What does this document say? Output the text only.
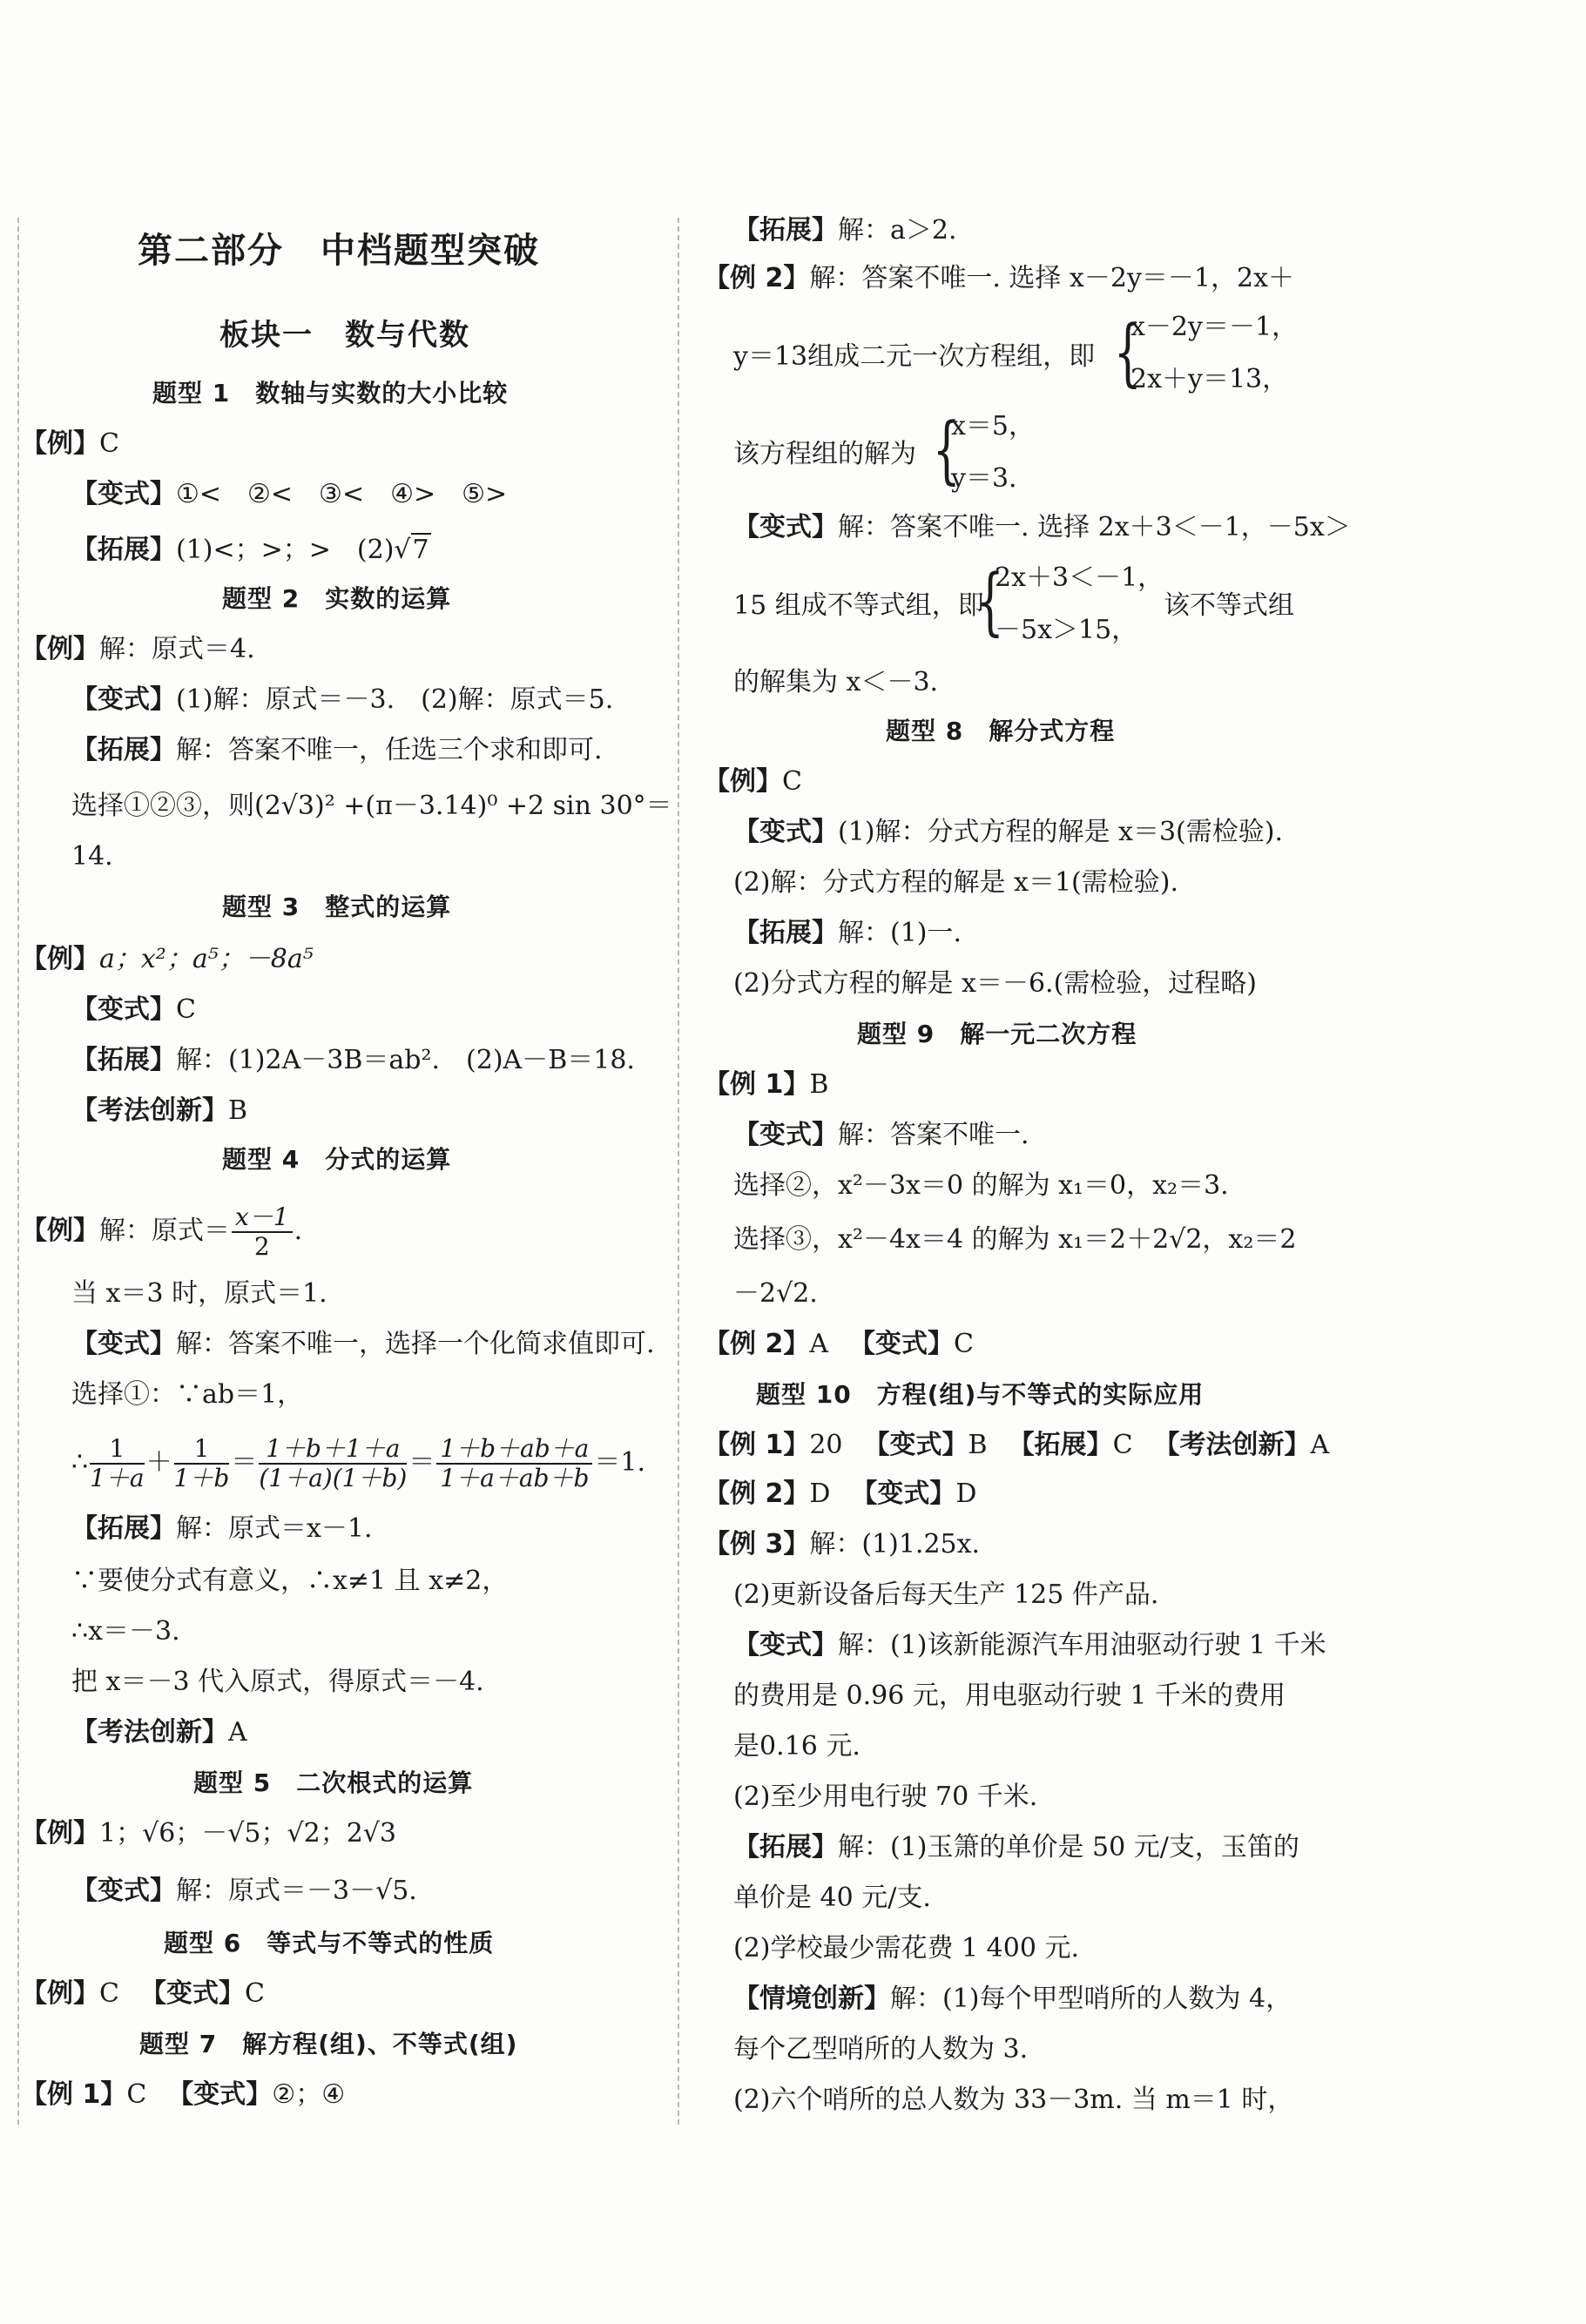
第二部分　中档题型突破
板块一　数与代数
题型 1　数轴与实数的大小比较
【例】C
【变式】①<　②<　③<　④>　⑤>
【拓展】(1)<；>；>　(2)√7
题型 2　实数的运算
【例】解：原式＝4.
【变式】(1)解：原式＝－3.　(2)解：原式＝5.
【拓展】解：答案不唯一，任选三个求和即可.
选择①②③，则(2√3)² +(π－3.14)⁰ +2 sin 30°＝
14.
题型 3　整式的运算
【例】a；x²；a⁵；－8a⁵
【变式】C
【拓展】解：(1)2A－3B＝ab².　(2)A－B＝18.
【考法创新】B
题型 4　分式的运算
【例】解：原式＝ $\frac{x-1}{2}$ .
当 x＝3 时，原式＝1.
【变式】解：答案不唯一，选择一个化简求值即可.
选择①：∵ab＝1，
∴ $\frac{1}{1+a} + \frac{1}{1+b} = \frac{1+b+1+a}{(1+a)(1+b)} = \frac{1+b+ab+a}{1+a+ab+b} =1$.
【拓展】解：原式＝x－1.
∵要使分式有意义，∴x≠1 且 x≠2，
∴x＝－3.
把 x＝－3 代入原式，得原式＝－4.
【考法创新】A
题型 5　二次根式的运算
【例】1；√6；－√5；√2；2√3
【变式】解：原式＝－3－√5.
题型 6　等式与不等式的性质
【例】C 【变式】C
题型 7　解方程(组)、不等式(组)
【例 1】C 【变式】②；④
【拓展】解：a＞2.
【例 2】解：答案不唯一. 选择 x－2y＝－1，2x＋
y＝13组成二元一次方程组，即 {
x－2y＝－1，
2x＋y＝13，
该方程组的解为 {
x＝5，
y＝3.
【变式】解：答案不唯一. 选择 2x＋3＜－1，－5x＞
15 组成不等式组，即
{
2x＋3＜－1，
－5x＞15，
该不等式组
的解集为 x＜－3.
题型 8　解分式方程
【例】C
【变式】(1)解：分式方程的解是 x＝3(需检验).
(2)解：分式方程的解是 x＝1(需检验).
【拓展】解：(1)一.
(2)分式方程的解是 x＝－6.(需检验，过程略)
题型 9　解一元二次方程
【例 1】B
【变式】解：答案不唯一.
选择②，x²－3x＝0 的解为 x₁＝0，x₂＝3.
选择③，x²－4x＝4 的解为 x₁＝2＋2√2，x₂＝2
－2√2.
【例 2】A 【变式】C
题型 10　方程(组)与不等式的实际应用
【例 1】20 【变式】B 【拓展】C 【考法创新】A
【例 2】D 【变式】D
【例 3】解：(1)1.25x.
(2)更新设备后每天生产 125 件产品.
【变式】解：(1)该新能源汽车用油驱动行驶 1 千米
的费用是 0.96 元，用电驱动行驶 1 千米的费用
是0.16 元.
(2)至少用电行驶 70 千米.
【拓展】解：(1)玉箫的单价是 50 元/支，玉笛的
单价是 40 元/支.
(2)学校最少需花费 1 400 元.
【情境创新】解：(1)每个甲型哨所的人数为 4，
每个乙型哨所的人数为 3.
(2)六个哨所的总人数为 33－3m. 当 m＝1 时，
